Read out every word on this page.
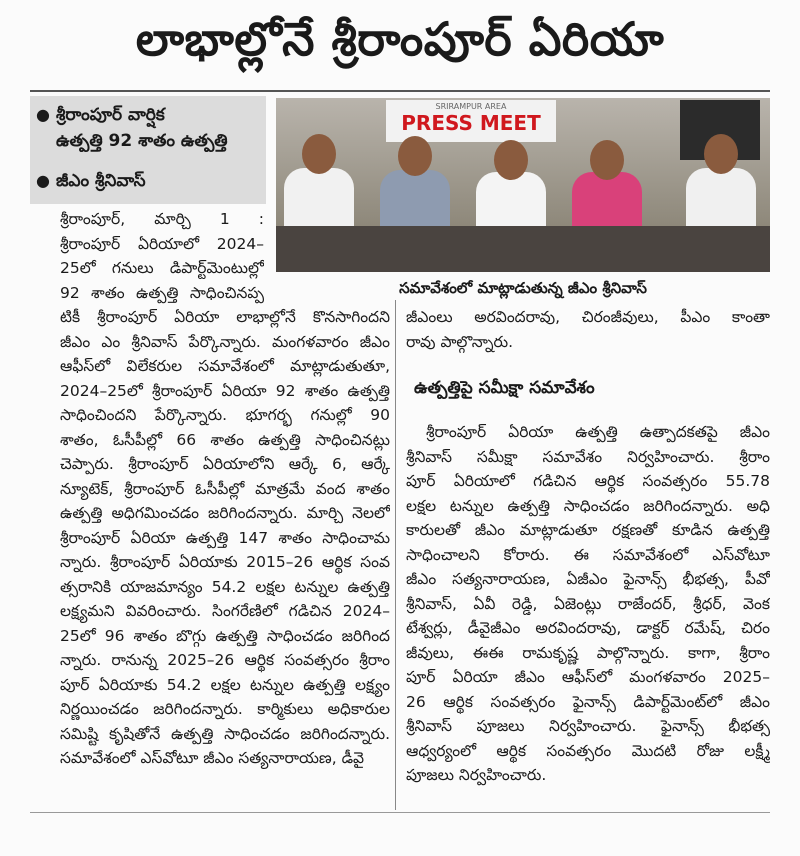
లాభాల్లోనే శ్రీరాంపూర్ ఏరియా
● శ్రీరాంపూర్ వార్షిక
ఉత్పత్తి 92 శాతం ఉత్పత్తి
● జీఎం శ్రీనివాస్
SRIRAMPUR AREA
PRESS MEET
సమావేశంలో మాట్లాడుతున్న జీఎం శ్రీనివాస్
శ్రీరాంపూర్, మార్చి 1 :
శ్రీరాంపూర్ ఏరియాలో 2024–
25లో గనులు డిపార్ట్‌మెంటుల్లో
92 శాతం ఉత్పత్తి సాధించినప్ప
టికీ శ్రీరాంపూర్ ఏరియా లాభాల్లోనే కొనసాగిందని
జీఎం ఎం శ్రీనివాస్ పేర్కొన్నారు. మంగళవారం జీఎం
ఆఫీస్‌లో విలేకరుల సమావేశంలో మాట్లాడుతుతూ,
2024–25లో శ్రీరాంపూర్ ఏరియా 92 శాతం ఉత్పత్తి
సాధించిందని పేర్కొన్నారు. భూగర్భ గనుల్లో 90
శాతం, ఓసీపీల్లో 66 శాతం ఉత్పత్తి సాధించినట్లు
చెప్పారు. శ్రీరాంపూర్ ఏరియాలోని ఆర్కే 6, ఆర్కే
న్యూటెక్, శ్రీరాంపూర్ ఓసీపీల్లో మాత్రమే వంద శాతం
ఉత్పత్తి అధిగమించడం జరిగిందన్నారు. మార్చి నెలలో
శ్రీరాంపూర్ ఏరియా ఉత్పత్తి 147 శాతం సాధించామ
న్నారు. శ్రీరాంపూర్ ఏరియాకు 2015–26 ఆర్థిక సంవ
త్సరానికి యాజమాన్యం 54.2 లక్షల టన్నుల ఉత్పత్తి
లక్ష్యమని వివరించారు. సింగరేణిలో గడిచిన 2024–
25లో 96 శాతం బొగ్గు ఉత్పత్తి సాధించడం జరిగింద
న్నారు. రానున్న 2025–26 ఆర్థిక సంవత్సరం శ్రీరాం
పూర్ ఏరియాకు 54.2 లక్షల టన్నుల ఉత్పత్తి లక్ష్యం
నిర్ణయించడం జరిగిందన్నారు. కార్మికులు అధికారుల
సమిష్టి కృషితోనే ఉత్పత్తి సాధించడం జరిగిందన్నారు.
సమావేశంలో ఎస్‌వోటూ జీఎం సత్యనారాయణ, డీవై
జీఎంలు అరవిందరావు, చిరంజీవులు, పీఎం కాంతా
రావు పాల్గొన్నారు.
ఉత్పత్తిపై సమీక్షా సమావేశం
శ్రీరాంపూర్ ఏరియా ఉత్పత్తి ఉత్పాదకతపై జీఎం
శ్రీనివాస్ సమీక్షా సమావేశం నిర్వహించారు. శ్రీరాం
పూర్ ఏరియాలో గడిచిన ఆర్థిక సంవత్సరం 55.78
లక్షల టన్నుల ఉత్పత్తి సాధించడం జరిగిందన్నారు. అధి
కారులతో జీఎం మాట్లాడుతూ రక్షణతో కూడిన ఉత్పత్తి
సాధించాలని కోరారు. ఈ సమావేశంలో ఎస్‌వోటూ
జీఎం సత్యనారాయణ, ఏజీఎం ఫైనాన్స్ భీభత్స, పీవో
శ్రీనివాస్, ఏవీ రెడ్డి, ఏజెంట్లు రాజేందర్, శ్రీధర్, వెంక
టేశ్వర్లు, డీవైజీఎం అరవిందరావు, డాక్టర్ రమేష్, చిరం
జీవులు, ఈఈ రామకృష్ణ పాల్గొన్నారు. కాగా, శ్రీరాం
పూర్ ఏరియా జీఎం ఆఫీస్‌లో మంగళవారం 2025–
26 ఆర్థిక సంవత్సరం ఫైనాన్స్ డిపార్ట్‌మెంట్‌లో జీఎం
శ్రీనివాస్ పూజలు నిర్వహించారు. ఫైనాన్స్ భీభత్స
ఆధ్వర్యంలో ఆర్థిక సంవత్సరం మొదటి రోజు లక్ష్మీ
పూజలు నిర్వహించారు.
